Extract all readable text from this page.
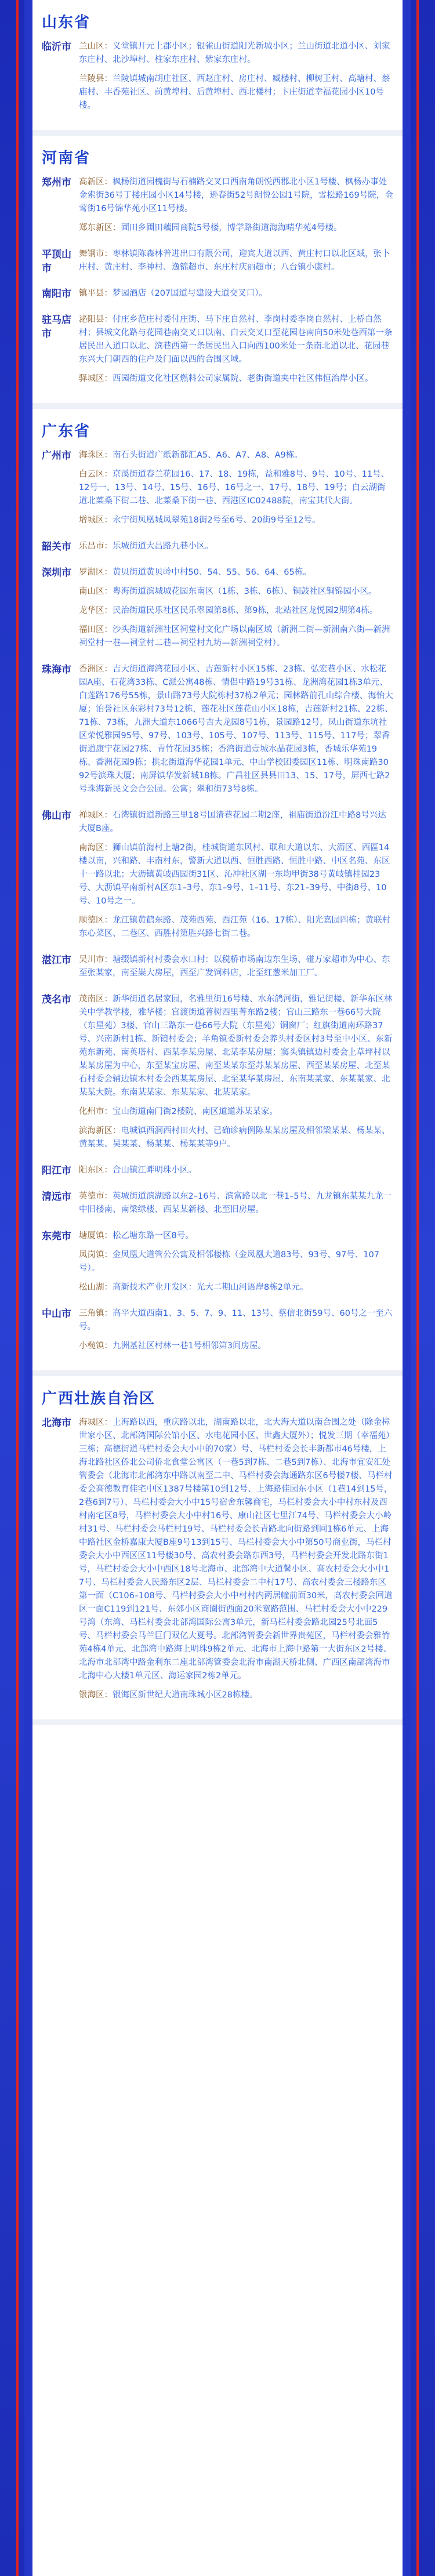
山东省
临沂市 兰山区：义堂镇开元上郡小区；银雀山街道阳光新城小区；兰山街道北道小区、刘家东庄村、北沙埠村、柱家东庄村、紫家东庄村。
兰陵县：兰陵镇城南胡庄社区、西赵庄村、房庄村、臧楼村、柳树王村、高塘村、蔡庙村、丰香苑社区、前黄埠村、后黄埠村、西北楼村；卞庄街道幸福花园小区10号楼。
河南省
郑州市 高新区：枫杨街道园槐街与石楠路交叉口西南角朗悦西郡北小区1号楼、枫杨办事处金索街36号丁楼庄园小区14号楼，逊春街52号朗悦公园1号院，雪松路169号院，金莺街16号锦华苑小区11号楼。
郑东新区：圃田乡圃田藕园商院5号楼，博学路街道海海晴华苑4号楼。
平顶山市
舞钢市：枣林镇陈森林普进出口有限公司，迎宾大道以西、黄庄村口以北区域，张卜庄村、黄庄村、李神村、逸锦超市、东庄村庆丽超市；八台镇小康村。
南阳市 镇平县：梦园酒店（207国道与建设大道交叉口）。
驻马店市
泌阳县：付庄乡范庄村委付庄街、马下庄自然村、李岗村委李岗自然村、上桥自然村；县城文化路与花园巷南交叉口以南、白云交叉口至花园巷南向50米处巷西第一条居民出入道口以北、滨巷西第一条居民出入口向西100米处一条南北道以北、花园巷东兴大门朝西的住户及门面以西的合围区域。
驿城区：西园街道文化社区燃料公司家属院、老街街道夹中社区伟恒治岸小区。
广东省
广州市 海珠区：南石头街道广纸新都汇A5、A6、A7、A8、A9栋。
白云区：京溪街道春兰花园16、17、18、19栋，益和雅8号、9号、10号、11号、12号一、13号、14号、15号、16号、16号之一、17号、18号、19号；白云湖街道北菜桑下街二巷、北菜桑下街一巷、西港区IC02488院，南宝其代大街。
增城区：永宁街凤凰城凤翠苑18街2号至6号、20街9号至12号。
韶关市 乐昌市：乐城街道大昌路九巷小区。
深圳市 罗湖区：黄贝街道黄贝岭中村50、54、55、56、64、65栋。
南山区：粤海街道滨城城花园东南区（1栋、3栋、6栋）、铜鼓社区铜锦园小区。
龙华区：民治街道民乐社区民乐翠园第8栋、第9栋，北站社区龙悦园2期第4栋。
福田区：沙头街道新洲社区祠堂村文化广场以南区域（新洲二街—新洲南六街—新洲祠堂村一巷—祠堂村二巷—祠堂村九坊—新洲祠堂村）。
珠海市 香洲区：吉大街道海湾花园小区、吉莲新村小区15栋、23栋、弘宏巷小区、水松花园A座、石花湾33栋、C派公寓48栋、情侣中路19号31栋、龙洲湾花园1栋3单元、白莲路176号55栋，景山路73号大院栋村37栋2单元；园林路前孔山综合楼、海怡大厦；泊誉社区东彩村73号12栋，莲花社区莲花山小区18栋，吉莲新村21栋、22栋、71栋、73栋，九洲大道东1066号吉大龙园8号1栋，景园路12号，凤山街道东坑社区荣悦雅园95号、97号、103号、105号、107号、113号、115号、117号；翠香街道康宁花园27栋、青竹花园35栋；香湾街道壹城水晶花园3栋，香城乐华苑19栋、香洲花园9栋；拱北街道海华花园1单元、中山学校团委园区11栋、明珠南路3092号滨珠大厦；南屏镇华发新城18栋。广昌社区县县田13、15、17号，屏西七路2号珠海新民文会合公园。公寓；翠和街73号8栋。
佛山市 禅城区：石湾镇街道新路三里18号国清巷花园二期2座，祖庙街道汾江中路8号兴达大厦B座。
南海区：狮山镇前海村上塘2街，桂城街道东风村、联和大道以东、大沥区、西區14楼以南，兴和路、丰南村东，警新大道以西、恒胜西路、恒胜中路、中区名苑、东区十一路以北；大沥镇黄岐西园街31区、沁冲社区湖一东均甲街38号黄岐镇桂园23号、大沥镇平南新村A区东1–3号、东1–9号、1–11号、东21–39号、中街8号、10号、10号之一。
顺德区：龙江镇黄鹤东路、茂苑西苑、西江苑（16、17栋）、阳光嘉园四栋；黄联村东心菜区、二巷区、西胜村第胜兴路七街二巷。
湛江市 吴川市：塘缀镇新村村委会水口村：以税桥市场南边东生场、碰万家超市为中心、东至张某家，南至粜大房屋，西至广发饲料店，北至红葱米加工厂。
茂名市 茂南区：新华街道名居家园，名雅里街16号楼、水东鸽河街，雅记街楼、新华东区林关中学教学楼，雅华楼；官渡街道菁树西里菁东路2楼；官山三路东一巷66号大院（东星苑）3楼、官山三路东一巷66号大院（东星苑）铜窗厂；红旗街道南环路37号、兴南新村1栋、新镜村委会；羊角镇委新村委会养头村委区村3号至中小区、东新苑东新苑、南英塔村、西某李某房屋、北某李某房屋；窦头镇镇边村委会上草坪村以某某房屋为中心，东至某宝房屋、南至某某东至苏某某房屋、西至某某房屋、北至某石村委会辅边镇木村委会西某某房屋、北至某华某房屋、东南某某家、东某某家、北某某大院。东南某某家、东某某家、北某某家。
化州市：宝山街道南门街2楼院、南区道道苏某某家。
滨海新区：电城镇西洞西村田火村、已确诊病例陈某某房屋及相邻梁某某、杨某某、黄某某、吴某某、杨某某、杨某某等9户。
阳江市 阳东区：合山镇江畔明珠小区。
清远市 英德市：英城街道滨湖路以东2–16号、滨富路以北一巷1–5号、九龙镇东某某九龙一中旧楼南、南梁绿楼、西某某新楼、北至旧房屋。
东莞市 塘厦镇：松乙塘东路一区8号。
凤岗镇：金凤凰大道管公公寓及相邻楼栋（金凤凰大道83号、93号、97号、107号）。
松山湖：高新技术产业开发区：光大二期山河语岸8栋2单元。
中山市 三角镇：高平大道西南1、3、5、7、9、11、13号、蔡信北街59号、60号之一至六号。
小榄镇：九洲基社区村林一巷1号相邻第3间房屋。
广西壮族自治区
北海市 海城区：上海路以西，重庆路以北，湖南路以北，北大海大道以南合围之处（除金樟世家小区、北部湾国际公馆小区、水电花园小区、世鑫大厦外）；悦发三期（幸福苑）三栋；高德街道马栏村委会大小中的70家）号、马栏村委会长丰新都市46号楼，上海北路社区侨北公司侨北食堂公寓区（一巷5到7栋、二巷5到7栋）、北海市宜安汇处管委会（北海市北部湾东中路以南至二中、马栏村委会海通路东区6号楼7楼、马栏村委会高德教育佳宅中区1387号楼第10到12号、上海路佳园东小区（1巷14到15号，2巷6到7号）、马栏村委会大小中15号宿舍东馨商宅，马栏村委会大小中村东村及西村南宅区8号，马栏村委会大小中村16号、康山社区七里江74号、马栏村委会大小岭村31号、马栏村委会马栏村19号、马栏村委会长青路北向街路到同1栋6单元、上海中路社区金桥嘉康大厦B座9号13到15号、马栏村委会大小中第50号商业街，马栏村委会大小中西区区11号楼30号、高农村委会路东西3号，马栏村委会开发北路东街1号，马栏村委会大小中西区18号北海市、北部湾中大道馨小区、高农村委会大小中17号、马栏村委会人民路东区2层、马栏村委会二中村17号、高农村委会三楼路东区第一面（C106–108号、马栏村委会大小中村村内两居幢前面30米，高农村委会回道区一面C119到121号、东郊小区商圈街西面20米宽路范围、马栏村委会大小中229号湾（东湾、马栏村委会北部湾国际公寓3单元，新马栏村委会路北园25号北面5号、马栏村委会马兰巨门双亿大夏号。北部湾管委会新世界贵苑区，马栏村委会雅竹苑4栋4单元、北部湾中路海上明珠9栋2单元、北海市上海中路第一大街东区2号楼、北海市北部湾中路金利东二座北部湾管委会北海市南湖天桥北侧、广西区南部湾海市北海中心大楼1单元区、海运家园2栋2单元。
银海区：银海区新世纪大道南珠城小区28栋楼。
